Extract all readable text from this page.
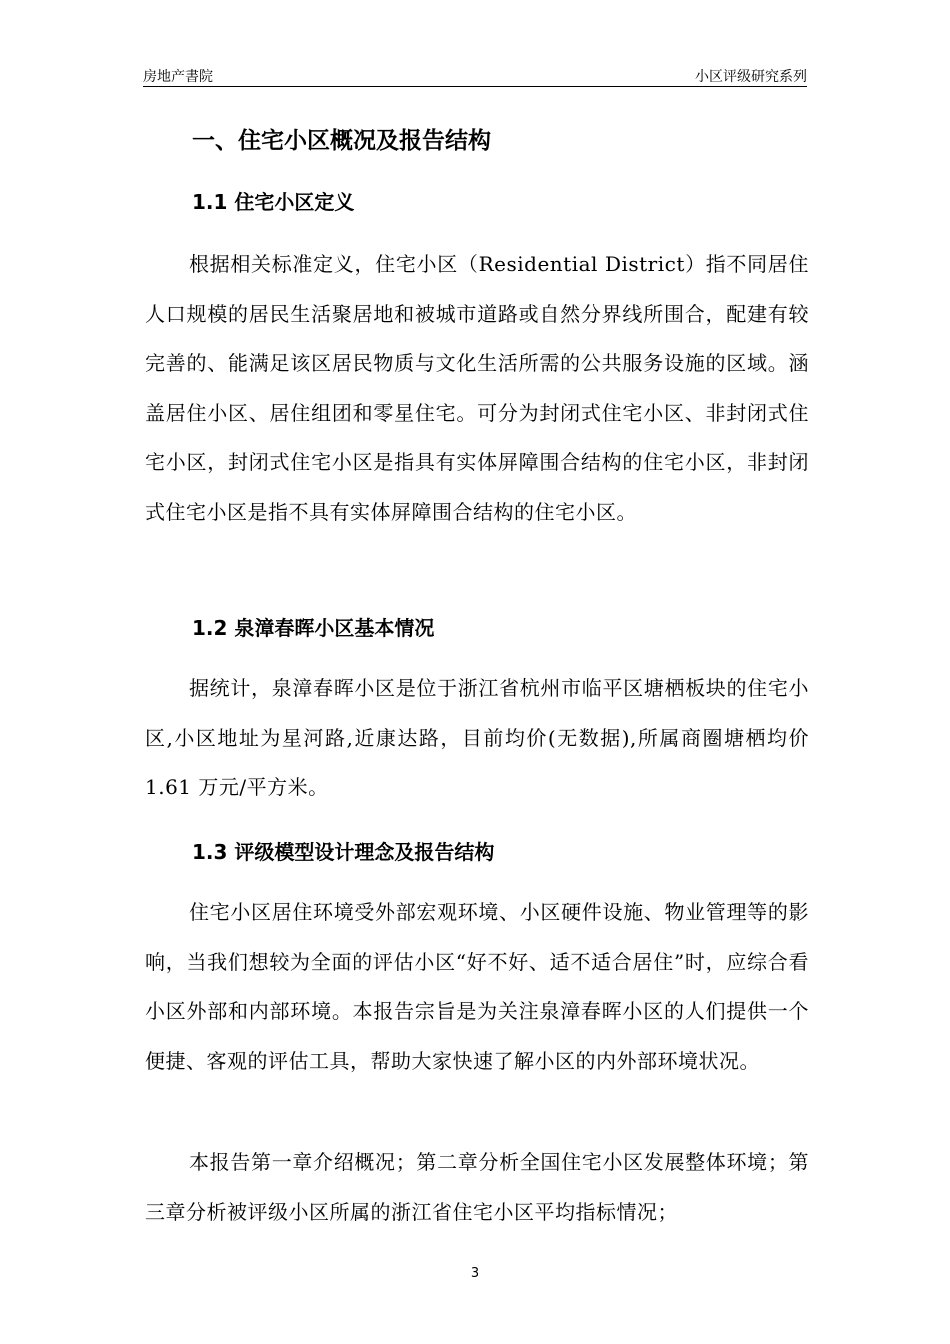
房地产書院	小区评级研究系列
一、住宅小区概况及报告结构
1.1 住宅小区定义
根据相关标准定义，住宅小区（Residential District）指不同居住人口规模的居民生活聚居地和被城市道路或自然分界线所围合，配建有较完善的、能满足该区居民物质与文化生活所需的公共服务设施的区域。涵盖居住小区、居住组团和零星住宅。可分为封闭式住宅小区、非封闭式住宅小区，封闭式住宅小区是指具有实体屏障围合结构的住宅小区，非封闭式住宅小区是指不具有实体屏障围合结构的住宅小区。
1.2 泉漳春晖小区基本情况
据统计，泉漳春晖小区是位于浙江省杭州市临平区塘栖板块的住宅小区,小区地址为星河路,近康达路，目前均价(无数据),所属商圈塘栖均价 1.61 万元/平方米。
1.3 评级模型设计理念及报告结构
住宅小区居住环境受外部宏观环境、小区硬件设施、物业管理等的影响，当我们想较为全面的评估小区“好不好、适不适合居住”时，应综合看小区外部和内部环境。本报告宗旨是为关注泉漳春晖小区的人们提供一个便捷、客观的评估工具，帮助大家快速了解小区的内外部环境状况。
本报告第一章介绍概况；第二章分析全国住宅小区发展整体环境；第三章分析被评级小区所属的浙江省住宅小区平均指标情况；
3
